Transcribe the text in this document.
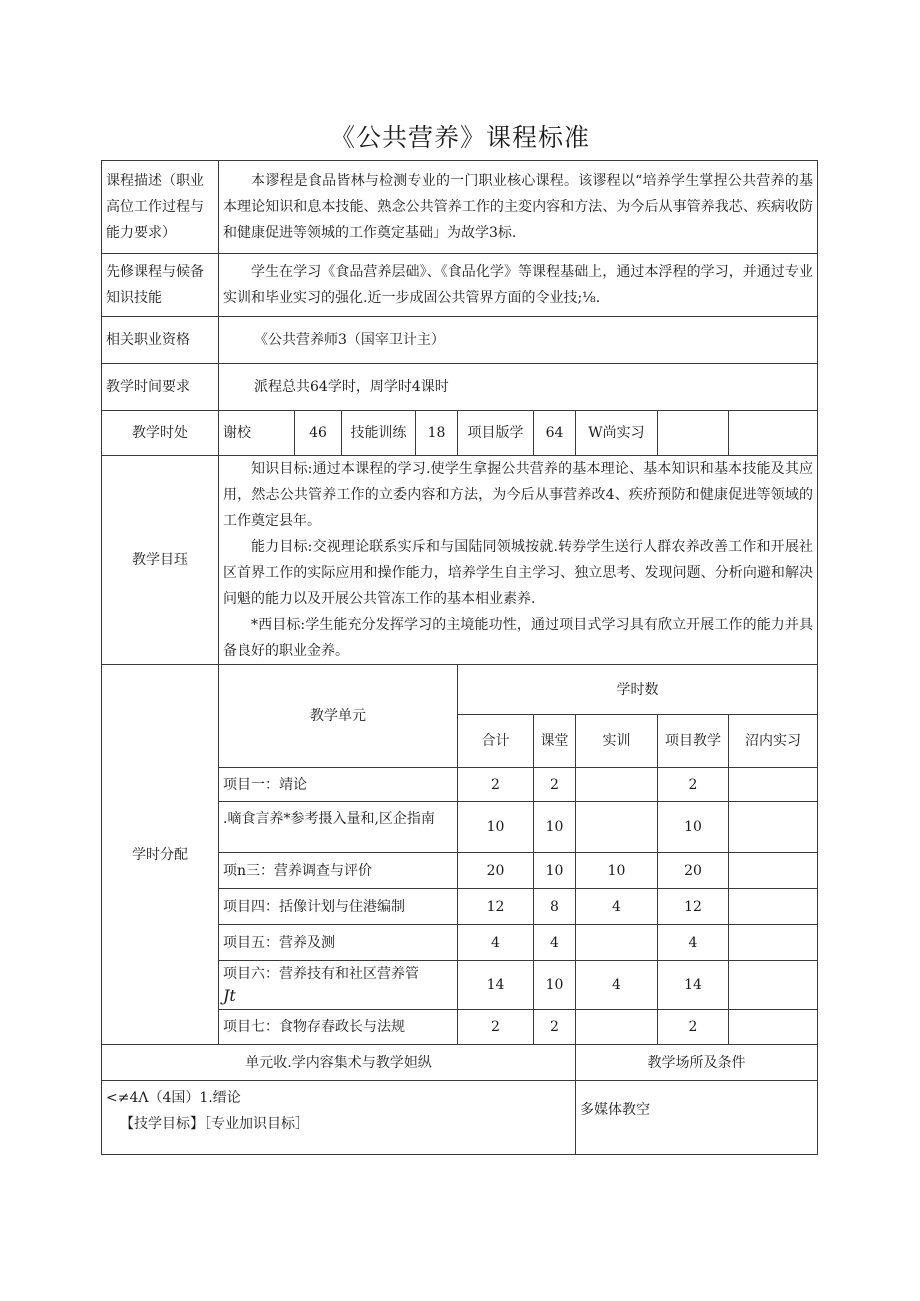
《公共营养》课程标准
课程描述（职业高位工作过程与能力要求）	本谬程是食品皆林与检测专业的一门职业核心课程。该谬程以“培养学生掌捏公共营养的基本理论知识和息本技能、熟念公共管养工作的主変内容和方法、为今后从事管养我芯、疾病收防和健康促进等领城的工作奠定基础」为故学3标.								
先修课程与候备知识技能	学生在学习《食品营养层础》、《食品化学》等课程基础上，通过本浮程的学习，并通过专业实训和毕业实习的强化.近一步成固公共管界方面的令业技;⅛.								
相关职业资格	《公共营养师3（国宰卫计主）								
教学时间要求	派程总共64学时，周学时4课时								
教学时处	谢校	46	技能训练	18	项目版学	64	W尚实习		
教学目珏	知识目标:通过本课程的学习.使学生拿握公共营养的基本理论、基本知识和基本技能及其应用，然忐公共管养工作的立委内容和方法，为今后从事营养改4、疾疥预防和健康促进等领域的工作奠定县年。
能力目标:交视理论联系实斥和与国陆同领城按就.转券学生送行人群农养改善工作和开展社区首界工作的实际应用和操作能力，培养学生自主学习、独立思考、发现问题、分析向避和解决问魁的能力以及开展公共管冻工作的基本相业素养.
*西目标:学生能充分发挥学习的主境能功性，通过项目式学习具有欣立开展工作的能力并具备良好的职业金养。								

学时分配	教学单元				学时数				
					合计	课堂	实训	项目教学	沼内实习
	项目一：靖论				2	2		2	
	.嘀食言养*参考摄入量和,区企指南				10	10		10	
	项n三：营养调查与评价				20	10	10	20	
	项目四：括像计划与住港编制				12	8	4	12	
	项目五：营养及测				4	4		4	

	项目六：营养技有和社区营养管
Jt				14	10	4	14	
	项目七：食物存春政长与法规				2	2		2	
单元收.学内容集术与教学妲纵							教学场所及条件		

<≠4Λ（4国）1.缙论
【技学目标】［专业加识目标］							多媒体教空		
